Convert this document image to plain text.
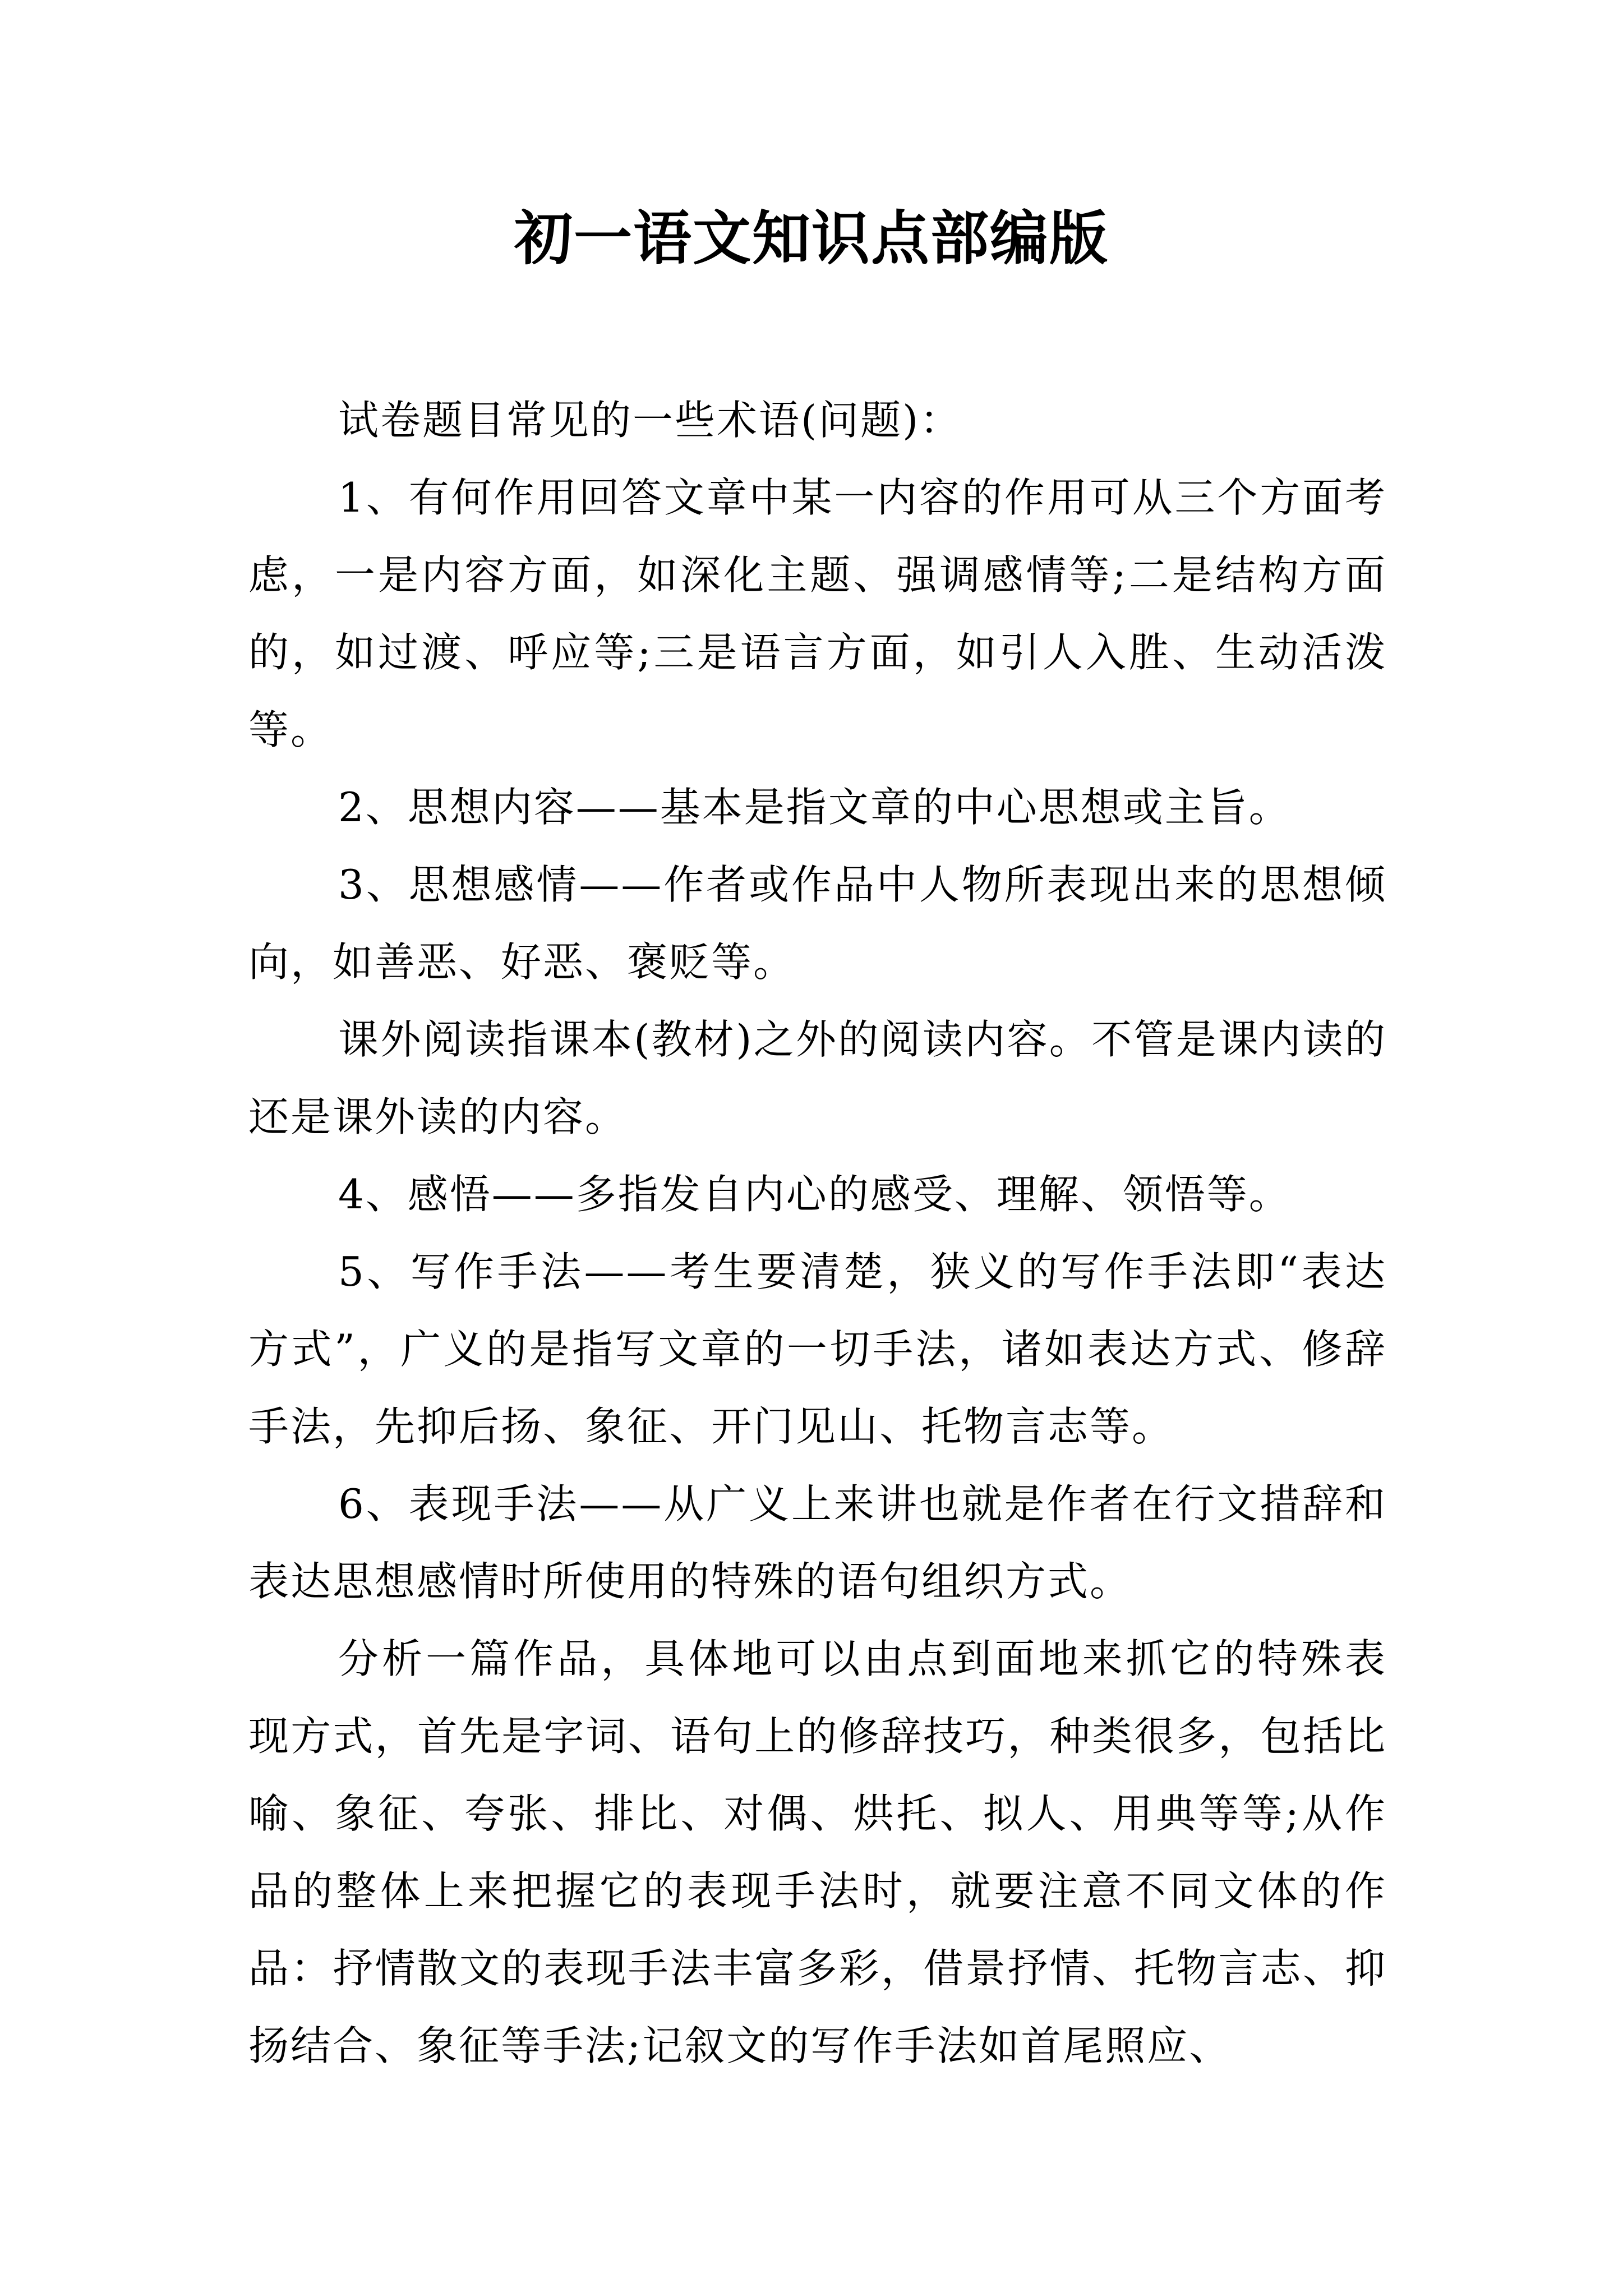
初一语文知识点部编版

试卷题目常见的一些术语(问题)：

1、有何作用回答文章中某一内容的作用可从三个方面考虑，一是内容方面，如深化主题、强调感情等;二是结构方面的，如过渡、呼应等;三是语言方面，如引人入胜、生动活泼等。

2、思想内容——基本是指文章的中心思想或主旨。

3、思想感情——作者或作品中人物所表现出来的思想倾向，如善恶、好恶、褒贬等。

课外阅读指课本(教材)之外的阅读内容。不管是课内读的还是课外读的内容。

4、感悟——多指发自内心的感受、理解、领悟等。

5、写作手法——考生要清楚，狭义的写作手法即“表达方式”，广义的是指写文章的一切手法，诸如表达方式、修辞手法，先抑后扬、象征、开门见山、托物言志等。

6、表现手法——从广义上来讲也就是作者在行文措辞和表达思想感情时所使用的特殊的语句组织方式。

分析一篇作品，具体地可以由点到面地来抓它的特殊表现方式，首先是字词、语句上的修辞技巧，种类很多，包括比喻、象征、夸张、排比、对偶、烘托、拟人、用典等等;从作品的整体上来把握它的表现手法时，就要注意不同文体的作品：抒情散文的表现手法丰富多彩，借景抒情、托物言志、抑扬结合、象征等手法;记叙文的写作手法如首尾照应、
